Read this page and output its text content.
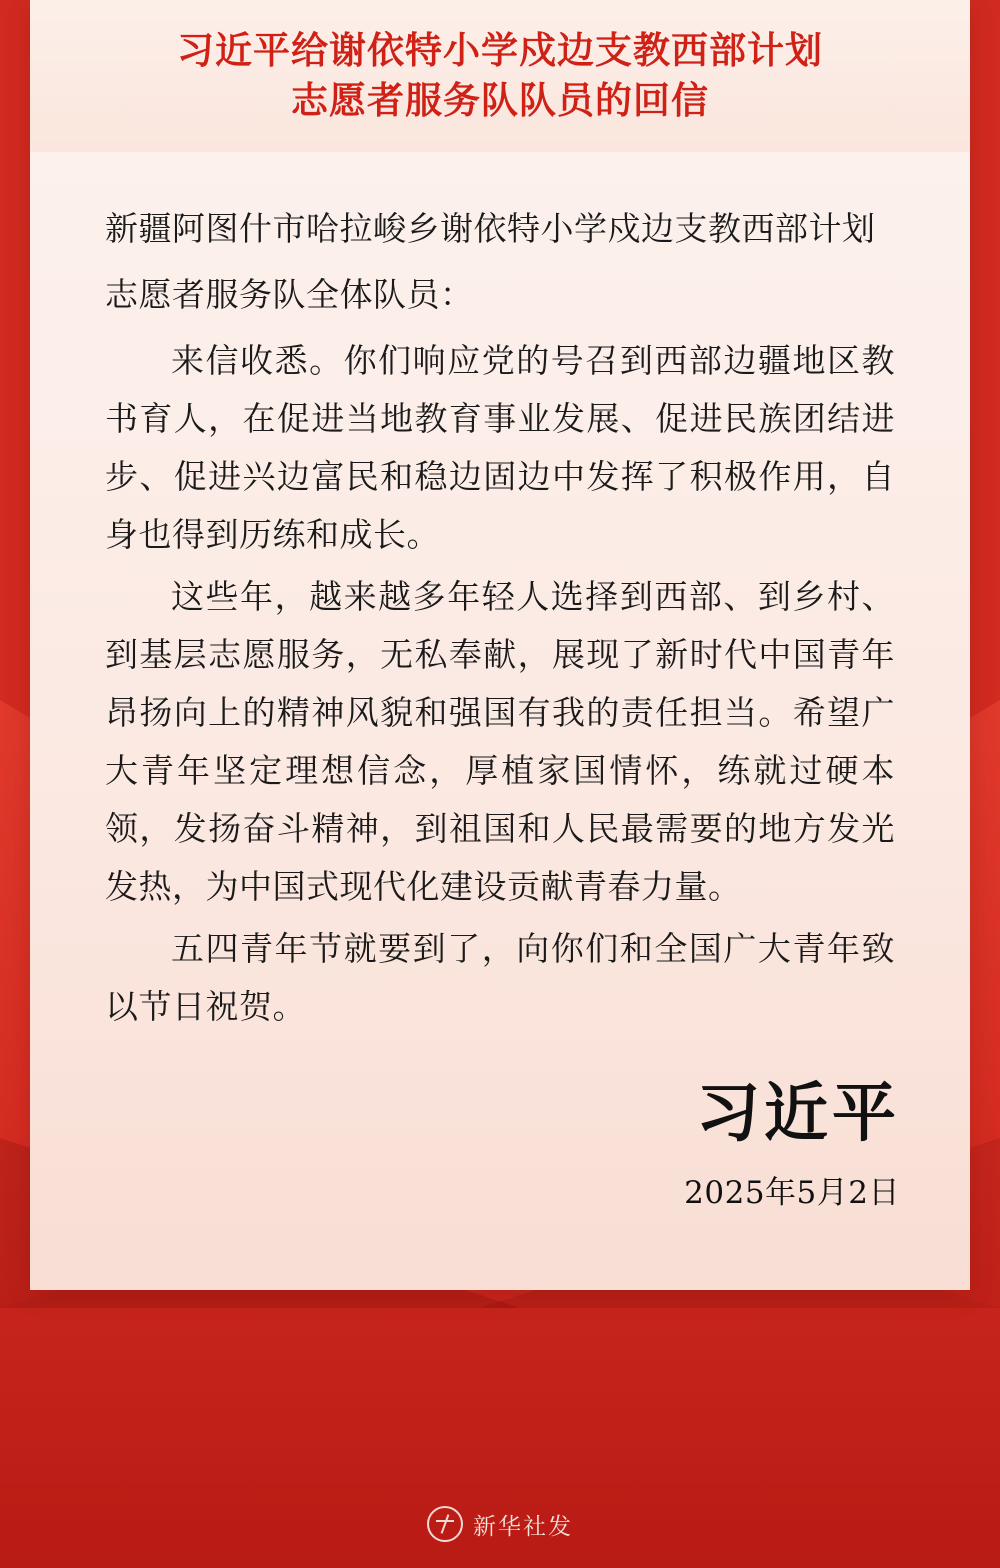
习近平给谢依特小学戍边支教西部计划
志愿者服务队队员的回信

新疆阿图什市哈拉峻乡谢依特小学戍边支教西部计划

志愿者服务队全体队员：

来信收悉。你们响应党的号召到西部边疆地区教书育人，在促进当地教育事业发展、促进民族团结进步、促进兴边富民和稳边固边中发挥了积极作用，自身也得到历练和成长。

这些年，越来越多年轻人选择到西部、到乡村、到基层志愿服务，无私奉献，展现了新时代中国青年昂扬向上的精神风貌和强国有我的责任担当。希望广大青年坚定理想信念，厚植家国情怀，练就过硬本领，发扬奋斗精神，到祖国和人民最需要的地方发光发热，为中国式现代化建设贡献青春力量。

五四青年节就要到了，向你们和全国广大青年致以节日祝贺。

习近平
2025年5月2日
新华社发
